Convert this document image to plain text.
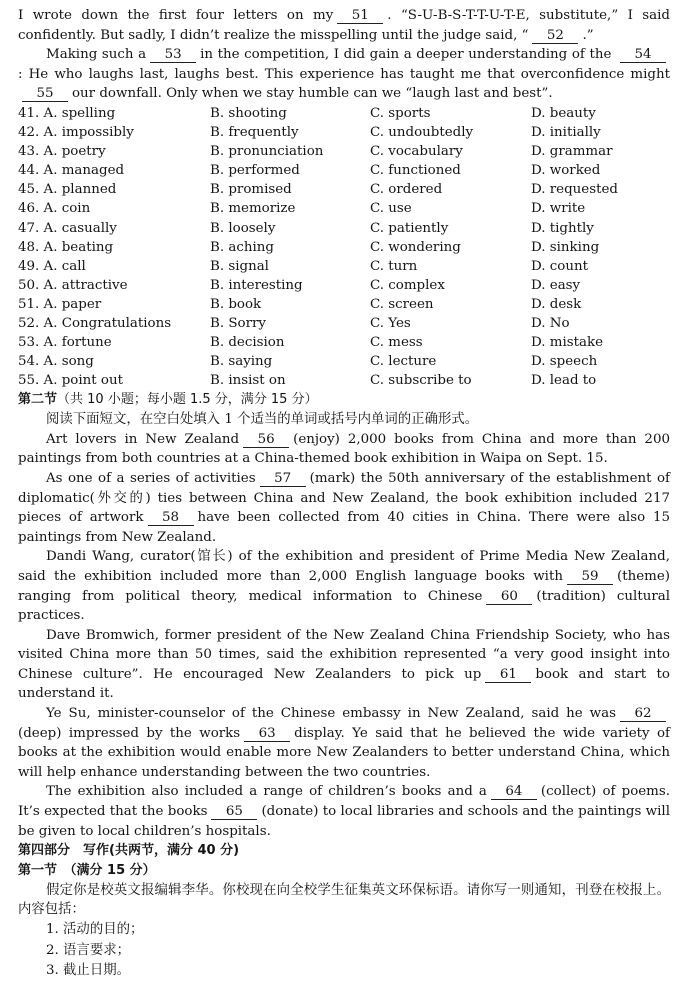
I wrote down the first four letters on my 51 . “S-U-B-S-T-T-U-T-E, substitute,” I said confidently. But sadly, I didn’t realize the misspelling until the judge said, “ 52 .”

Making such a 53 in the competition, I did gain a deeper understanding of the 54: He who laughs last, laughs best. This experience has taught me that overconfidence might55 our downfall. Only when we stay humble can we “laugh last and best”.

41. A. spelling	B. shooting	C. sports	D. beauty
42. A. impossibly	B. frequently	C. undoubtedly	D. initially
43. A. poetry	B. pronunciation	C. vocabulary	D. grammar
44. A. managed	B. performed	C. functioned	D. worked
45. A. planned	B. promised	C. ordered	D. requested
46. A. coin	B. memorize	C. use	D. write
47. A. casually	B. loosely	C. patiently	D. tightly
48. A. beating	B. aching	C. wondering	D. sinking
49. A. call	B. signal	C. turn	D. count
50. A. attractive	B. interesting	C. complex	D. easy
51. A. paper	B. book	C. screen	D. desk
52. A. Congratulations	B. Sorry	C. Yes	D. No
53. A. fortune	B. decision	C. mess	D. mistake
54. A. song	B. saying	C. lecture	D. speech
55. A. point out	B. insist on	C. subscribe to	D. lead to

第二节（共 10 小题；每小题 1.5 分，满分 15 分）

阅读下面短文，在空白处填入 1 个适当的单词或括号内单词的正确形式。

Art lovers in New Zealand 56 (enjoy) 2,000 books from China and more than 200 paintings from both countries at a China-themed book exhibition in Waipa on Sept. 15.

As one of a series of activities 57 (mark) the 50th anniversary of the establishment of diplomatic(外交的) ties between China and New Zealand, the book exhibition included 217 pieces of artwork 58 have been collected from 40 cities in China. There were also 15 paintings from New Zealand.

Dandi Wang, curator(馆长) of the exhibition and president of Prime Media New Zealand, said the exhibition included more than 2,000 English language books with 59 (theme) ranging from political theory, medical information to Chinese 60 (tradition) cultural practices.

Dave Bromwich, former president of the New Zealand China Friendship Society, who has visited China more than 50 times, said the exhibition represented “a very good insight into Chinese culture”. He encouraged New Zealanders to pick up 61 book and start to understand it.

Ye Su, minister-counselor of the Chinese embassy in New Zealand, said he was 62(deep) impressed by the works 63 display. Ye said that he believed the wide variety of books at the exhibition would enable more New Zealanders to better understand China, which will help enhance understanding between the two countries.

The exhibition also included a range of children’s books and a 64 (collect) of poems. It’s expected that the books 65 (donate) to local libraries and schools and the paintings will be given to local children’s hospitals.

第四部分　写作(共两节，满分 40 分)

第一节　（满分 15 分）

假定你是校英文报编辑李华。你校现在向全校学生征集英文环保标语。请你写一则通知，刊登在校报上。内容包括：

1. 活动的目的；

2. 语言要求；

3. 截止日期。
